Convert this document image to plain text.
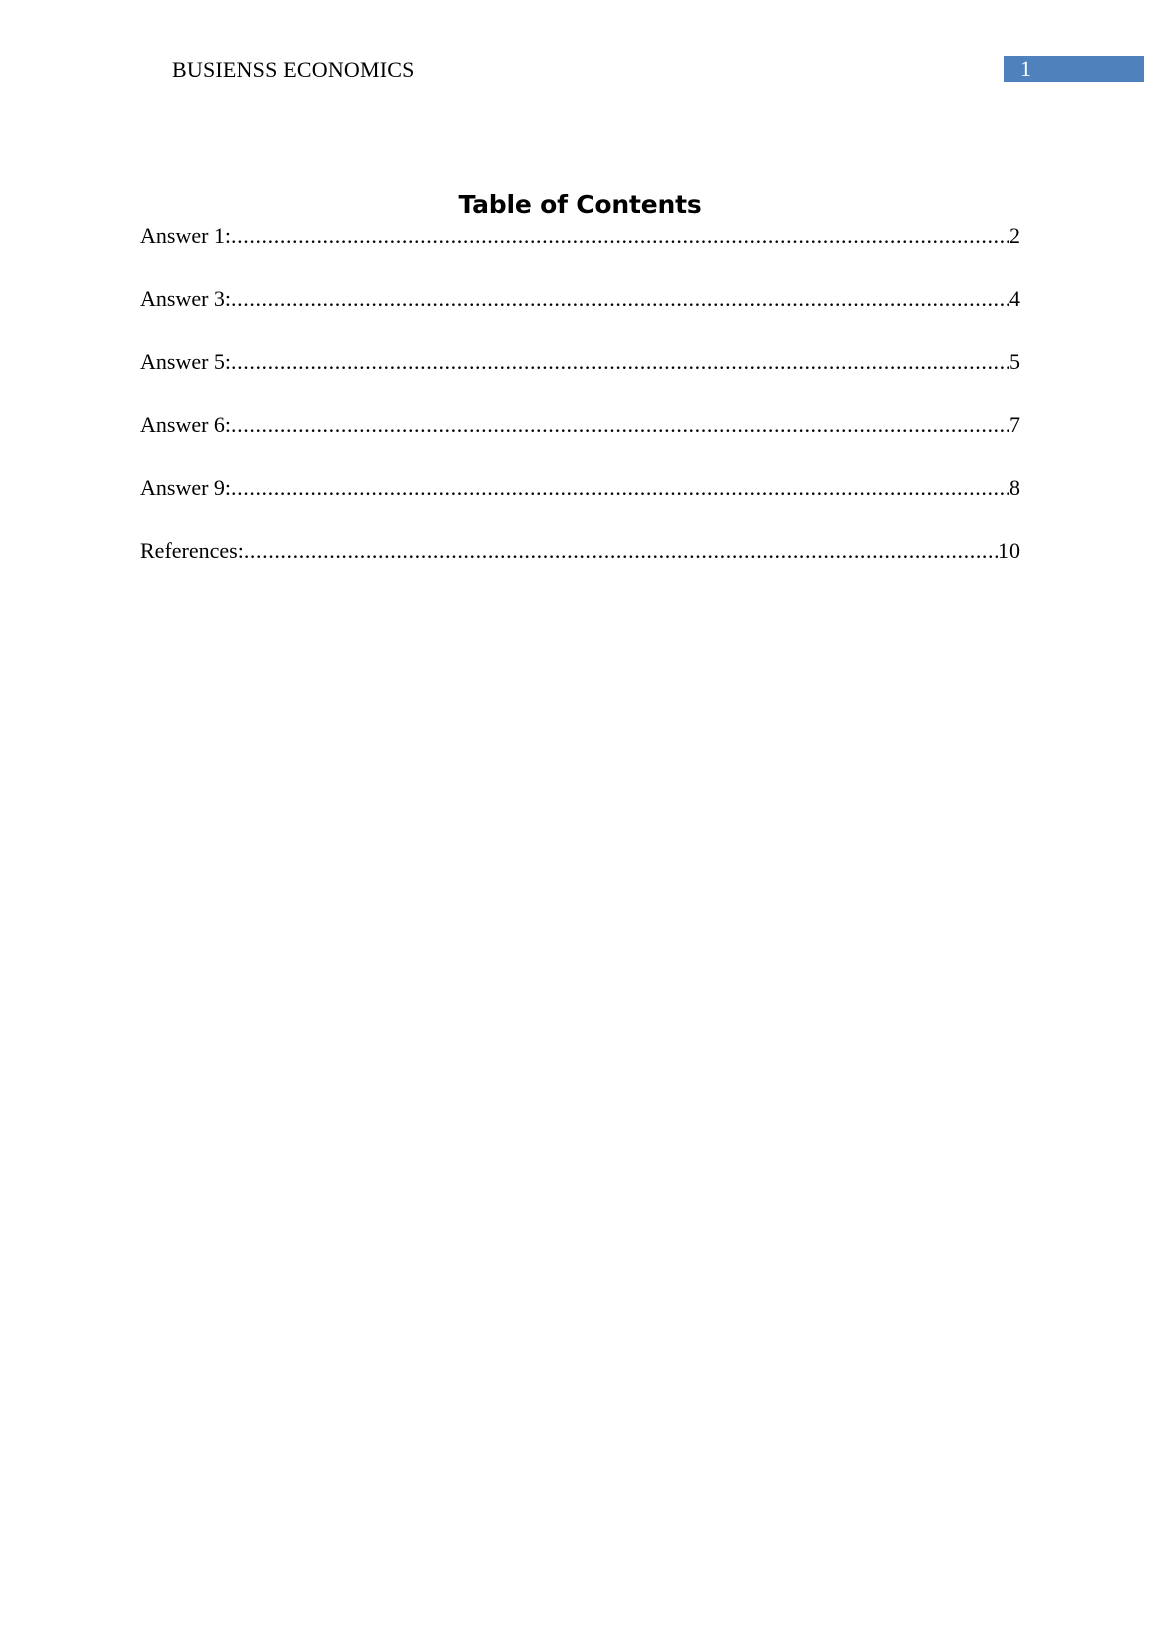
BUSIENSS ECONOMICS	1
Table of Contents
Answer 1: .....	2
Answer 3: .....	4
Answer 5: .....	5
Answer 6: .....	7
Answer 9: .....	8
References: .....	10
